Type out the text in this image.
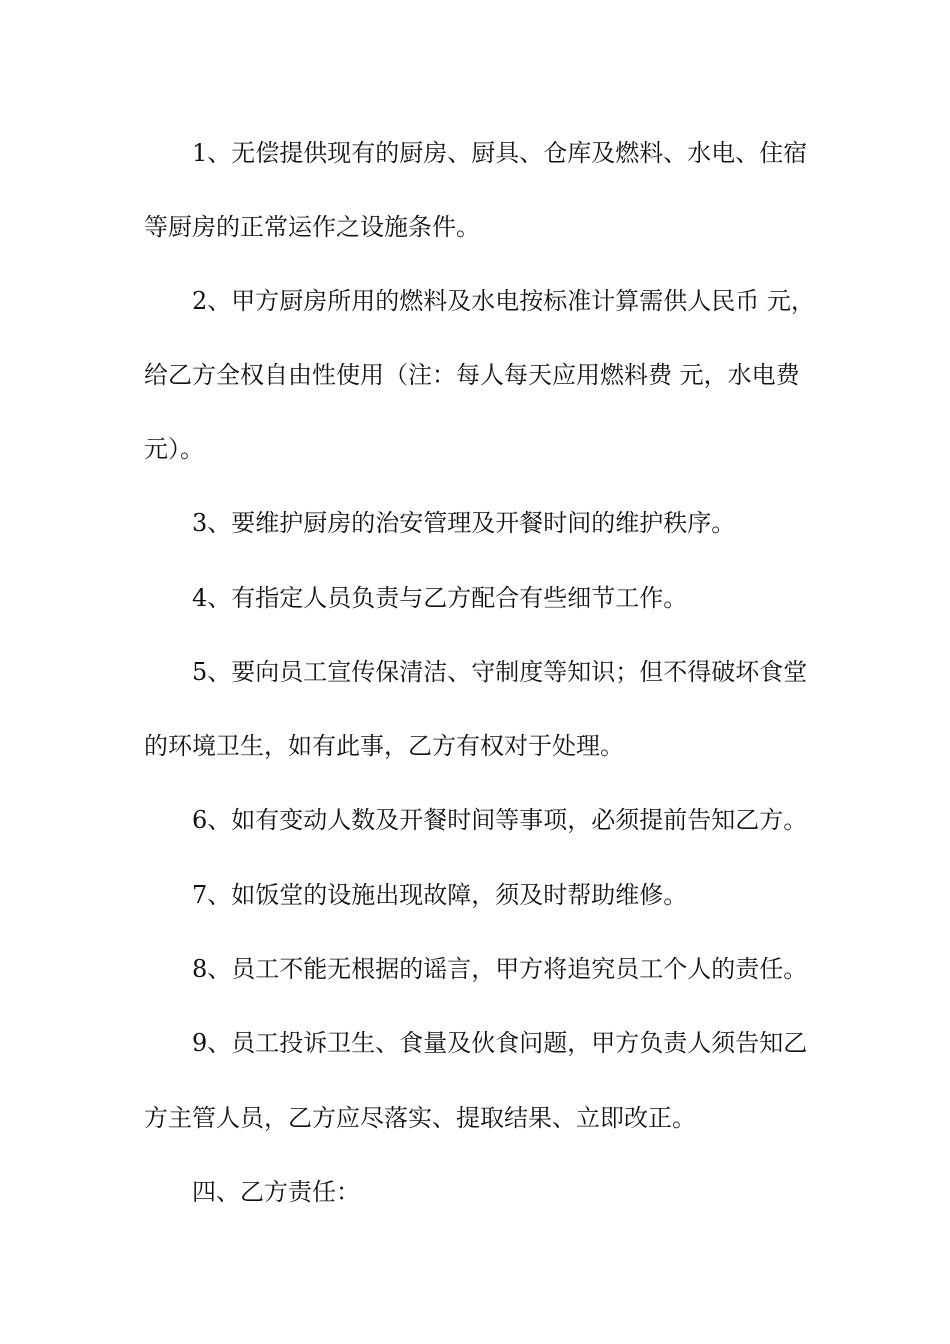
1、无偿提供现有的厨房、厨具、仓库及燃料、水电、住宿

等厨房的正常运作之设施条件。

2、甲方厨房所用的燃料及水电按标准计算需供人民币 元，

给乙方全权自由性使用（注：每人每天应用燃料费 元，水电费

元）。

3、要维护厨房的治安管理及开餐时间的维护秩序。

4、有指定人员负责与乙方配合有些细节工作。

5、要向员工宣传保清洁、守制度等知识；但不得破坏食堂

的环境卫生，如有此事，乙方有权对于处理。

6、如有变动人数及开餐时间等事项，必须提前告知乙方。

7、如饭堂的设施出现故障，须及时帮助维修。

8、员工不能无根据的谣言，甲方将追究员工个人的责任。

9、员工投诉卫生、食量及伙食问题，甲方负责人须告知乙

方主管人员，乙方应尽落实、提取结果、立即改正。

四、乙方责任：
